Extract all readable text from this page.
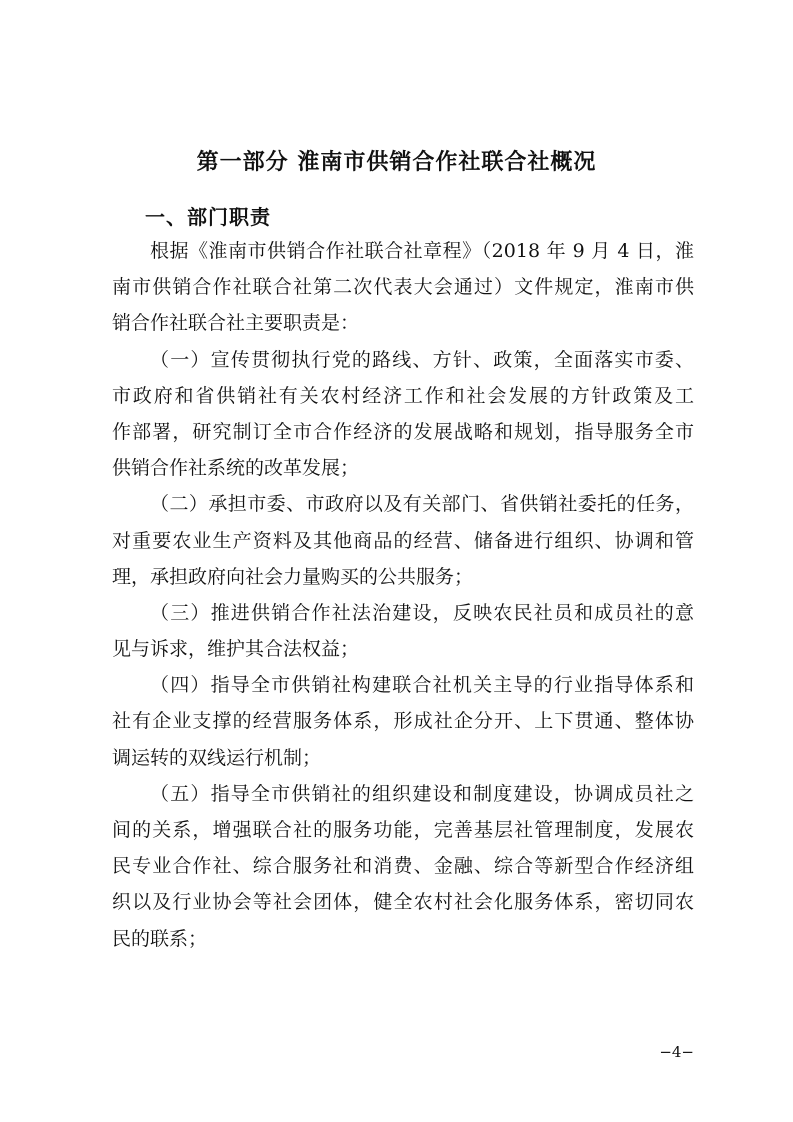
第一部分 淮南市供销合作社联合社概况
一、部门职责
根据《淮南市供销合作社联合社章程》（2018 年 9 月 4 日，淮
南市供销合作社联合社第二次代表大会通过）文件规定，淮南市供
销合作社联合社主要职责是：
（一）宣传贯彻执行党的路线、方针、政策，全面落实市委、
市政府和省供销社有关农村经济工作和社会发展的方针政策及工
作部署，研究制订全市合作经济的发展战略和规划，指导服务全市
供销合作社系统的改革发展；
（二）承担市委、市政府以及有关部门、省供销社委托的任务，
对重要农业生产资料及其他商品的经营、储备进行组织、协调和管
理，承担政府向社会力量购买的公共服务；
（三）推进供销合作社法治建设，反映农民社员和成员社的意
见与诉求，维护其合法权益；
（四）指导全市供销社构建联合社机关主导的行业指导体系和
社有企业支撑的经营服务体系，形成社企分开、上下贯通、整体协
调运转的双线运行机制；
（五）指导全市供销社的组织建设和制度建设，协调成员社之
间的关系，增强联合社的服务功能，完善基层社管理制度，发展农
民专业合作社、综合服务社和消费、金融、综合等新型合作经济组
织以及行业协会等社会团体，健全农村社会化服务体系，密切同农
民的联系；
−4−
